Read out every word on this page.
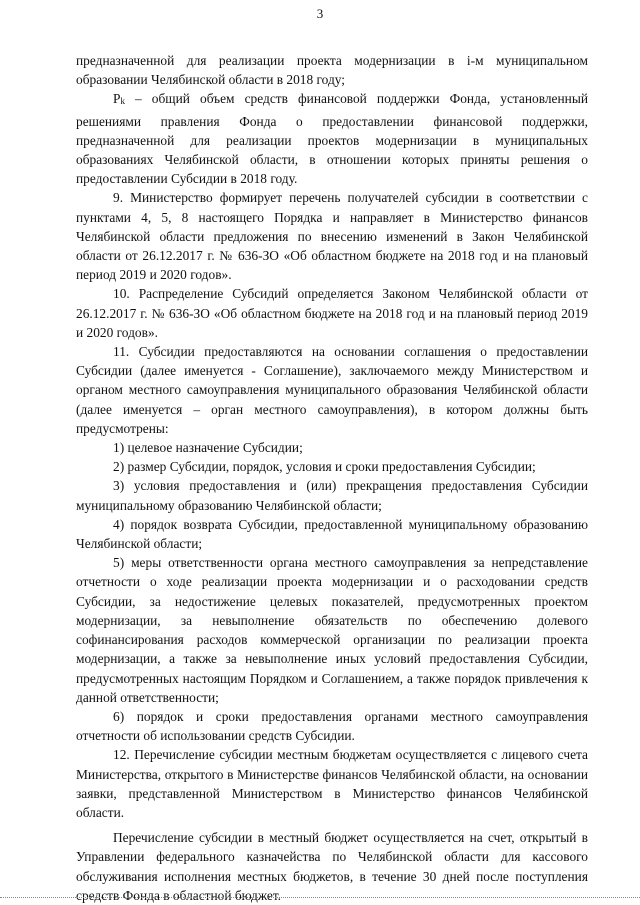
3

предназначенной для реализации проекта модернизации в i-м муниципальном образовании Челябинской области в 2018 году;

Pk – общий объем средств финансовой поддержки Фонда, установленный решениями правления Фонда о предоставлении финансовой поддержки, предназначенной для реализации проектов модернизации в муниципальных образованиях Челябинской области, в отношении которых приняты решения о предоставлении Субсидии в 2018 году.

9. Министерство формирует перечень получателей субсидии в соответствии с пунктами 4, 5, 8 настоящего Порядка и направляет в Министерство финансов Челябинской области предложения по внесению изменений в Закон Челябинской области от 26.12.2017 г. № 636-ЗО «Об областном бюджете на 2018 год и на плановый период 2019 и 2020 годов».

10. Распределение Субсидий определяется Законом Челябинской области от 26.12.2017 г. № 636-ЗО «Об областном бюджете на 2018 год и на плановый период 2019 и 2020 годов».

11. Субсидии предоставляются на основании соглашения о предоставлении Субсидии (далее именуется - Соглашение), заключаемого между Министерством и органом местного самоуправления муниципального образования Челябинской области (далее именуется – орган местного самоуправления), в котором должны быть предусмотрены:

1) целевое назначение Субсидии;

2) размер Субсидии, порядок, условия и сроки предоставления Субсидии;

3) условия предоставления и (или) прекращения предоставления Субсидии муниципальному образованию Челябинской области;

4) порядок возврата Субсидии, предоставленной муниципальному образованию Челябинской области;

5) меры ответственности органа местного самоуправления за непредставление отчетности о ходе реализации проекта модернизации и о расходовании средств Субсидии, за недостижение целевых показателей, предусмотренных проектом модернизации, за невыполнение обязательств по обеспечению долевого софинансирования расходов коммерческой организации по реализации проекта модернизации, а также за невыполнение иных условий предоставления Субсидии, предусмотренных настоящим Порядком и Соглашением, а также порядок привлечения к данной ответственности;

6) порядок и сроки предоставления органами местного самоуправления отчетности об использовании средств Субсидии.

12. Перечисление субсидии местным бюджетам осуществляется с лицевого счета Министерства, открытого в Министерстве финансов Челябинской области, на основании заявки, представленной Министерством в Министерство финансов Челябинской области.

Перечисление субсидии в местный бюджет осуществляется на счет, открытый в Управлении федерального казначейства по Челябинской области для кассового обслуживания исполнения местных бюджетов, в течение 30 дней после поступления средств Фонда в областной бюджет.
